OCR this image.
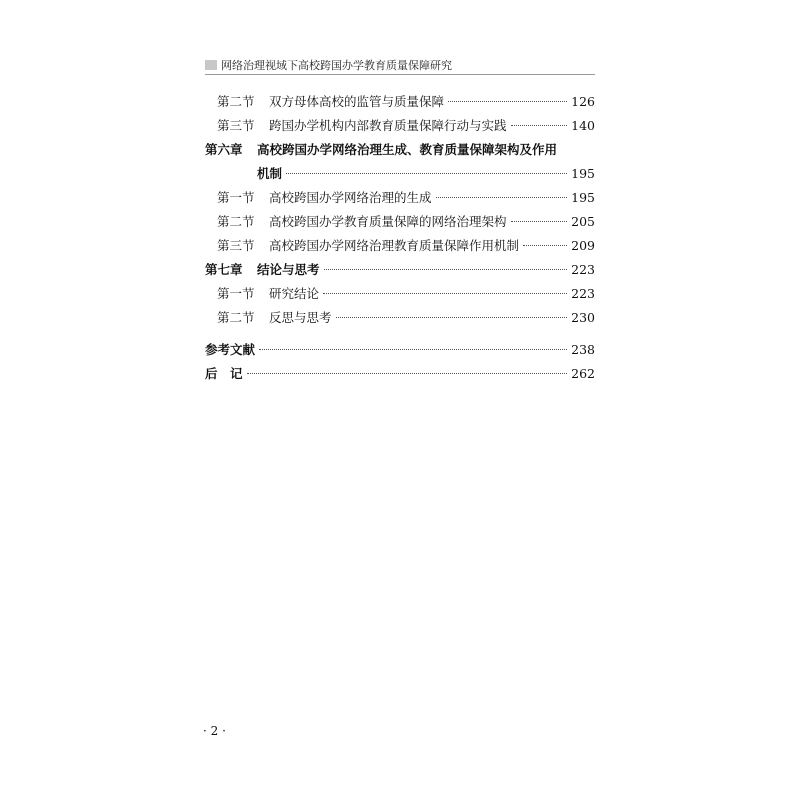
网络治理视域下高校跨国办学教育质量保障研究
第二节 双方母体高校的监管与质量保障	126
第三节 跨国办学机构内部教育质量保障行动与实践	140
第六章 高校跨国办学网络治理生成、教育质量保障架构及作用
机制	195
第一节 高校跨国办学网络治理的生成	195
第二节 高校跨国办学教育质量保障的网络治理架构	205
第三节 高校跨国办学网络治理教育质量保障作用机制	209
第七章 结论与思考	223
第一节 研究结论	223
第二节 反思与思考	230
参考文献	238
后　记	262
· 2 ·
